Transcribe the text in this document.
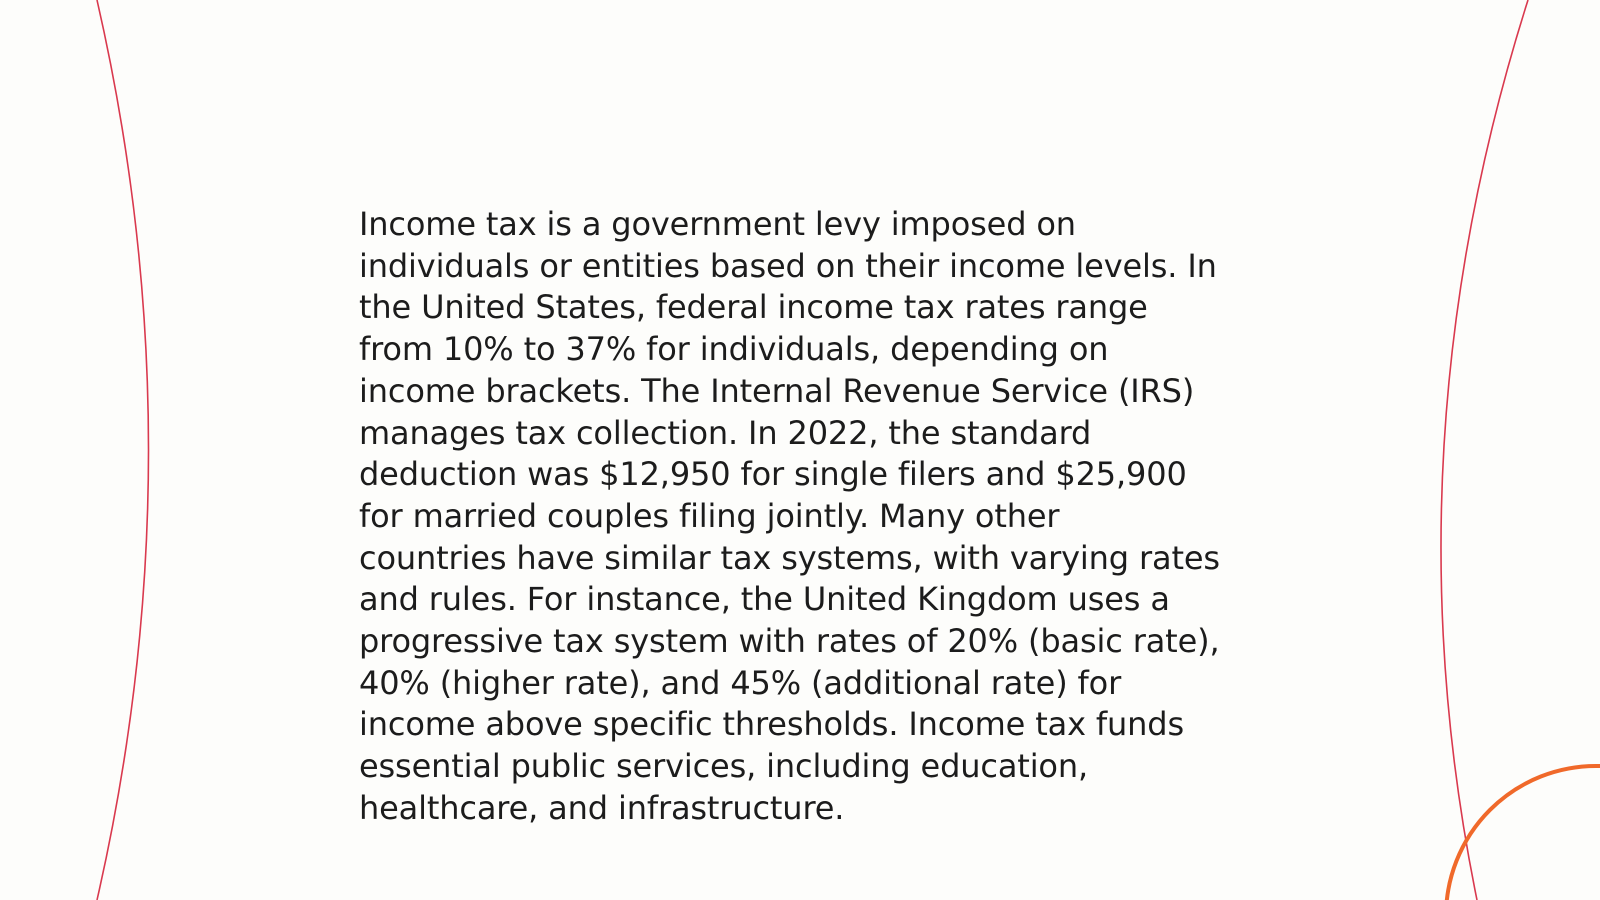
Income tax is a government levy imposed on
individuals or entities based on their income levels. In
the United States, federal income tax rates range
from 10% to 37% for individuals, depending on
income brackets. The Internal Revenue Service (IRS)
manages tax collection. In 2022, the standard
deduction was $12,950 for single filers and $25,900
for married couples filing jointly. Many other
countries have similar tax systems, with varying rates
and rules. For instance, the United Kingdom uses a
progressive tax system with rates of 20% (basic rate),
40% (higher rate), and 45% (additional rate) for
income above specific thresholds. Income tax funds
essential public services, including education,
healthcare, and infrastructure.
